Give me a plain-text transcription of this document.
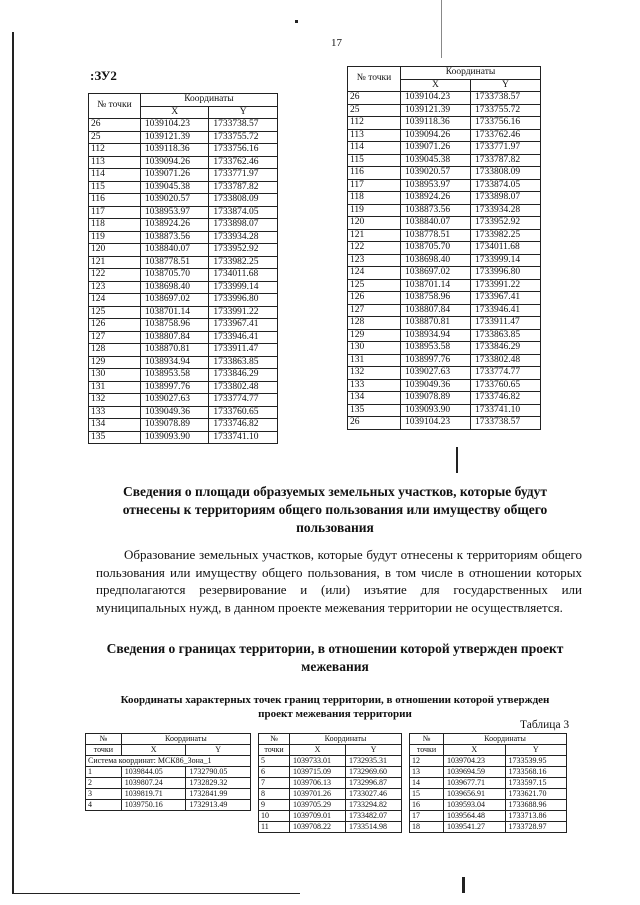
17
:ЗУ2
№ точки	Координаты	
	X	Y
26	1039104.23	1733738.57
25	1039121.39	1733755.72
112	1039118.36	1733756.16
113	1039094.26	1733762.46
114	1039071.26	1733771.97
115	1039045.38	1733787.82
116	1039020.57	1733808.09
117	1038953.97	1733874.05
118	1038924.26	1733898.07
119	1038873.56	1733934.28
120	1038840.07	1733952.92
121	1038778.51	1733982.25
122	1038705.70	1734011.68
123	1038698.40	1733999.14
124	1038697.02	1733996.80
125	1038701.14	1733991.22
126	1038758.96	1733967.41
127	1038807.84	1733946.41
128	1038870.81	1733911.47
129	1038934.94	1733863.85
130	1038953.58	1733846.29
131	1038997.76	1733802.48
132	1039027.63	1733774.77
133	1039049.36	1733760.65
134	1039078.89	1733746.82
135	1039093.90	1733741.10
№ точки	Координаты	
	X	Y
26	1039104.23	1733738.57
25	1039121.39	1733755.72
112	1039118.36	1733756.16
113	1039094.26	1733762.46
114	1039071.26	1733771.97
115	1039045.38	1733787.82
116	1039020.57	1733808.09
117	1038953.97	1733874.05
118	1038924.26	1733898.07
119	1038873.56	1733934.28
120	1038840.07	1733952.92
121	1038778.51	1733982.25
122	1038705.70	1734011.68
123	1038698.40	1733999.14
124	1038697.02	1733996.80
125	1038701.14	1733991.22
126	1038758.96	1733967.41
127	1038807.84	1733946.41
128	1038870.81	1733911.47
129	1038934.94	1733863.85
130	1038953.58	1733846.29
131	1038997.76	1733802.48
132	1039027.63	1733774.77
133	1039049.36	1733760.65
134	1039078.89	1733746.82
135	1039093.90	1733741.10
26	1039104.23	1733738.57
Сведения о площади образуемых земельных участков, которые будут отнесены к территориям общего пользования или имуществу общего пользования

Образование земельных участков, которые будут отнесены к территориям общего пользования или имуществу общего пользования, в том числе в отношении которых предполагаются резервирование и (или) изъятие для государственных или муниципальных нужд, в данном проекте межевания территории не осуществляется.

Сведения о границах территории, в отношении которой утвержден проект межевания
Координаты характерных точек границ территории, в отношении которой утвержден проект межевания территории
Таблица 3
№	Координаты	
точки	X	Y
Система координат: МСК86_Зона_1		
1	1039844.05	1732790.05
2	1039807.24	1732829.32
3	1039819.71	1732841.99
4	1039750.16	1732913.49
№	Координаты	
точки	X	Y
5	1039733.01	1732935.31
6	1039715.09	1732969.60
7	1039706.13	1732996.87
8	1039701.26	1733027.46
9	1039705.29	1733294.82
10	1039709.01	1733482.07
11	1039708.22	1733514.98
№	Координаты	
точки	X	Y
12	1039704.23	1733539.95
13	1039694.59	1733568.16
14	1039677.71	1733597.15
15	1039656.91	1733621.70
16	1039593.04	1733688.96
17	1039564.48	1733713.86
18	1039541.27	1733728.97
